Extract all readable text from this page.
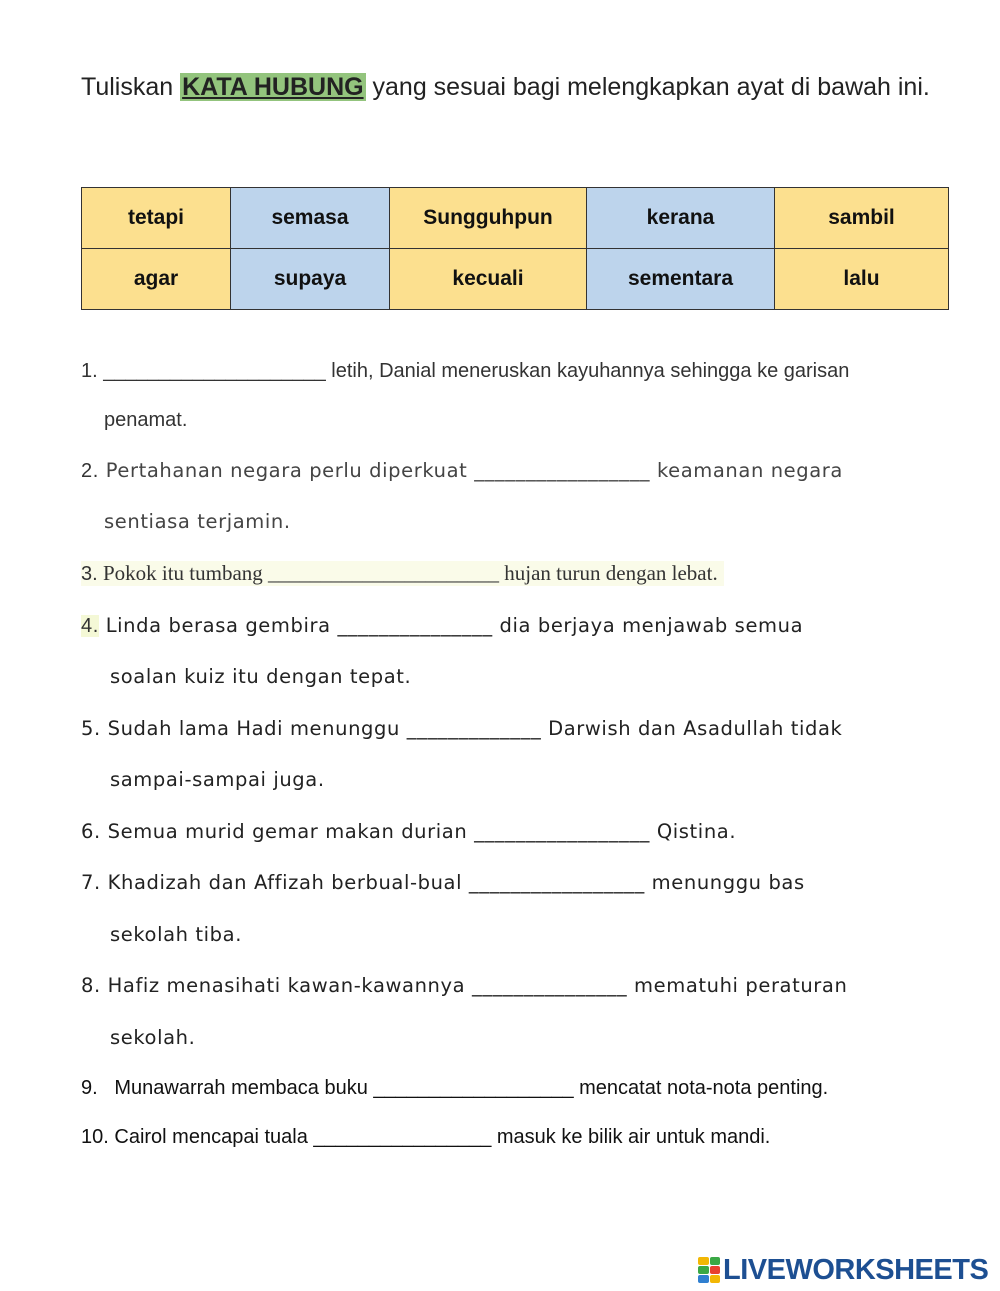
Tuliskan KATA HUBUNG yang sesuai bagi melengkapkan ayat di bawah ini.
tetapi	semasa	Sungguhpun	kerana	sambil
agar	supaya	kecuali	sementara	lalu
1. ____________________ letih, Danial meneruskan kayuhannya sehingga ke garisan
penamat.
2. Pertahanan negara perlu diperkuat _________________ keamanan negara
sentiasa terjamin.
3. Pokok itu tumbang ______________________ hujan turun dengan lebat.
4. Linda berasa gembira _______________ dia berjaya menjawab semua
soalan kuiz itu dengan tepat.
5. Sudah lama Hadi menunggu _____________ Darwish dan Asadullah tidak
sampai-sampai juga.
6. Semua murid gemar makan durian _________________ Qistina.
7. Khadizah dan Affizah berbual-bual _________________ menunggu bas
sekolah tiba.
8. Hafiz menasihati kawan-kawannya _______________ mematuhi peraturan
sekolah.
9. Munawarrah membaca buku __________________ mencatat nota-nota penting.
10. Cairol mencapai tuala ________________ masuk ke bilik air untuk mandi.
LIVEWORKSHEETS
